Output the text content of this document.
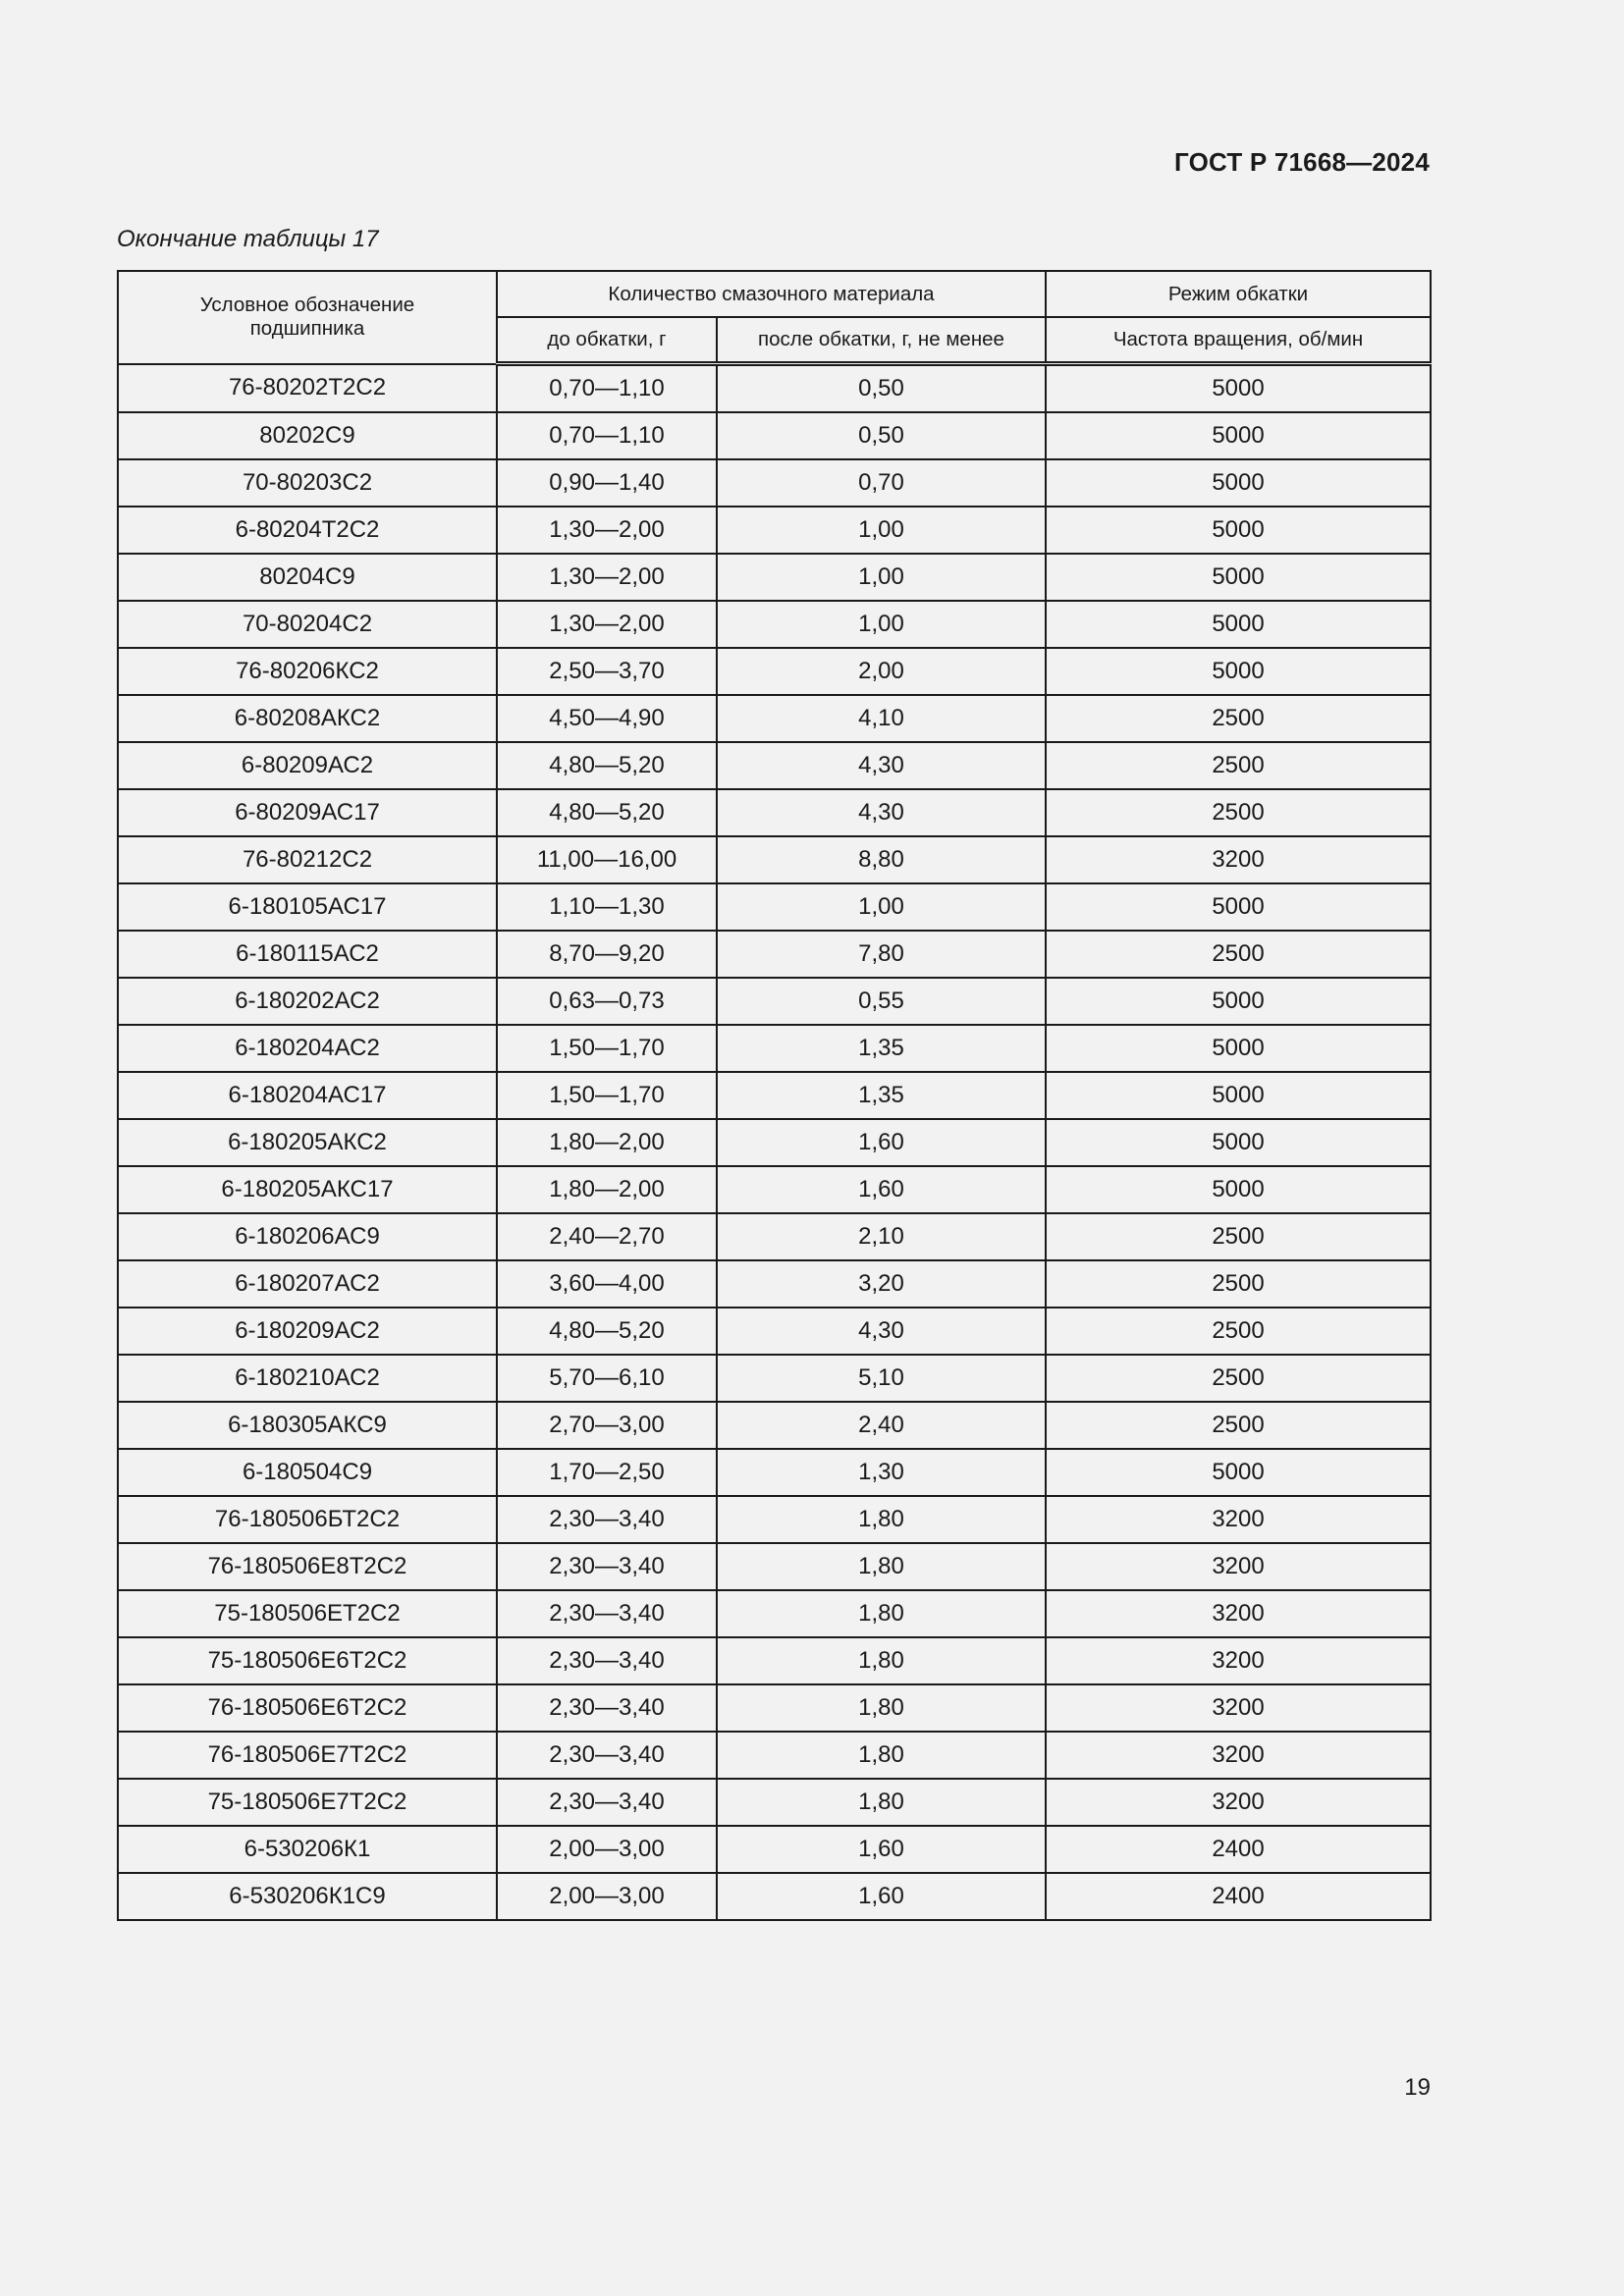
ГОСТ Р 71668—2024
Окончание таблицы 17
Условное обозначение подшипника	Количество смазочного материала		Режим обкатки
	до обкатки, г	после обкатки, г, не менее	Частота вращения, об/мин
76-80202Т2С2	0,70—1,10	0,50	5000
80202С9	0,70—1,10	0,50	5000
70-80203С2	0,90—1,40	0,70	5000
6-80204Т2С2	1,30—2,00	1,00	5000
80204С9	1,30—2,00	1,00	5000
70-80204С2	1,30—2,00	1,00	5000
76-80206КС2	2,50—3,70	2,00	5000
6-80208АКС2	4,50—4,90	4,10	2500
6-80209АС2	4,80—5,20	4,30	2500
6-80209АС17	4,80—5,20	4,30	2500
76-80212С2	11,00—16,00	8,80	3200
6-180105АС17	1,10—1,30	1,00	5000
6-180115АС2	8,70—9,20	7,80	2500
6-180202АС2	0,63—0,73	0,55	5000
6-180204АС2	1,50—1,70	1,35	5000
6-180204АС17	1,50—1,70	1,35	5000
6-180205АКС2	1,80—2,00	1,60	5000
6-180205АКС17	1,80—2,00	1,60	5000
6-180206АС9	2,40—2,70	2,10	2500
6-180207АС2	3,60—4,00	3,20	2500
6-180209АС2	4,80—5,20	4,30	2500
6-180210АС2	5,70—6,10	5,10	2500
6-180305АКС9	2,70—3,00	2,40	2500
6-180504С9	1,70—2,50	1,30	5000
76-180506БТ2С2	2,30—3,40	1,80	3200
76-180506Е8Т2С2	2,30—3,40	1,80	3200
75-180506ЕТ2С2	2,30—3,40	1,80	3200
75-180506Е6Т2С2	2,30—3,40	1,80	3200
76-180506Е6Т2С2	2,30—3,40	1,80	3200
76-180506Е7Т2С2	2,30—3,40	1,80	3200
75-180506Е7Т2С2	2,30—3,40	1,80	3200
6-530206К1	2,00—3,00	1,60	2400
6-530206К1С9	2,00—3,00	1,60	2400
19
